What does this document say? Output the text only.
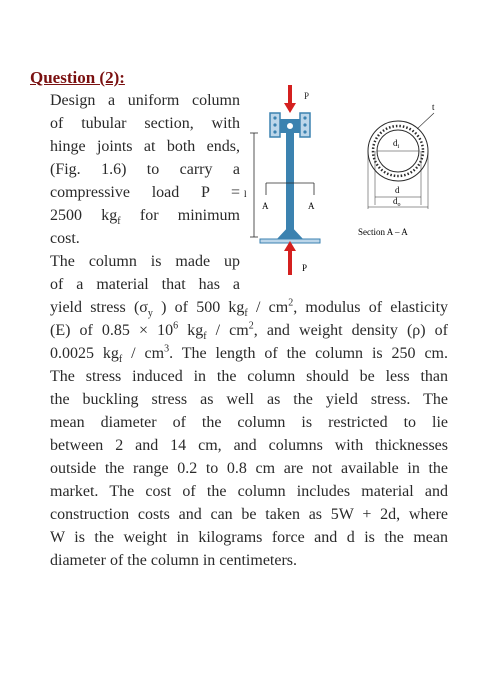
Question (2):
Design a uniform column
of tubular section, with
hinge joints at both ends,
(Fig. 1.6) to carry a
compressive load P =
2500 $kg_f$ for minimum
cost.
The column is made up
of a material that has a
yield stress ($\sigma_y$ ) of 500 $kg_f / cm^2$, modulus of elasticity
(E) of $0.85 \times 10^6$ $kg_f / cm^2$, and weight density (ρ) of
0.0025 $kg_f / cm^3$. The length of the column is 250 cm.
The stress induced in the column should be less than
the buckling stress as well as the yield stress. The
mean diameter of the column is restricted to lie
between 2 and 14 cm, and columns with thicknesses
outside the range 0.2 to 0.8 cm are not available in the
market. The cost of the column includes material and
construction costs and can be taken as 5W + 2d, where
W is the weight in kilograms force and d is the mean
diameter of the column in centimeters.
P
l
A	A
P
$d_i$
t
d
$d_o$
Section A – A
